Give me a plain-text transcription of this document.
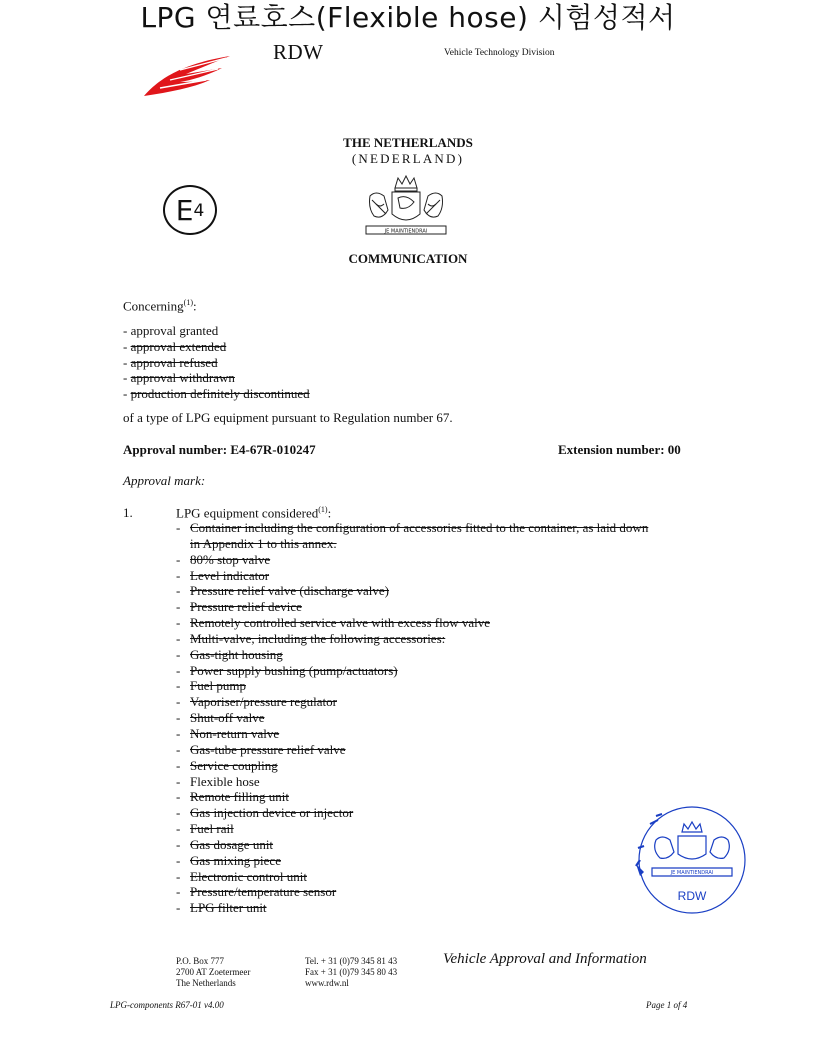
LPG 연료호스(Flexible hose) 시험성적서
RDW	Vehicle Technology Division
THE NETHERLANDS
(NEDERLAND)
E 4
JE MAINTIENDRAI
COMMUNICATION
Concerning$^{(1)}$:
- approval granted
- approval extended
- approval refused
- approval withdrawn
- production definitely discontinued
of a type of LPG equipment pursuant to Regulation number 67.
Approval number: E4-67R-010247	Extension number: 00
Approval mark:
1.	LPG equipment considered$^{(1)}$:
- Container including the configuration of accessories fitted to the container, as laid down
in Appendix 1 to this annex.
- 80% stop valve
- Level indicator
- Pressure relief valve (discharge valve)
- Pressure relief device
- Remotely controlled service valve with excess flow valve
- Multi-valve, including the following accessories:
- Gas-tight housing
- Power supply bushing (pump/actuators)
- Fuel pump
- Vaporiser/pressure regulator
- Shut-off valve
- Non-return valve
- Gas-tube pressure relief valve
- Service coupling
- Flexible hose
- Remote filling unit
- Gas injection device or injector
- Fuel rail
- Gas dosage unit
- Gas mixing piece
- Electronic control unit
- Pressure/temperature sensor
- LPG filter unit
JE MAINTIENDRAI
RDW
P.O. Box 777
2700 AT Zoetermeer
The Netherlands
Tel. + 31 (0)79 345 81 43
Fax + 31 (0)79 345 80 43
www.rdw.nl
Vehicle Approval and Information
LPG-components R67-01 v4.00	Page 1 of 4
